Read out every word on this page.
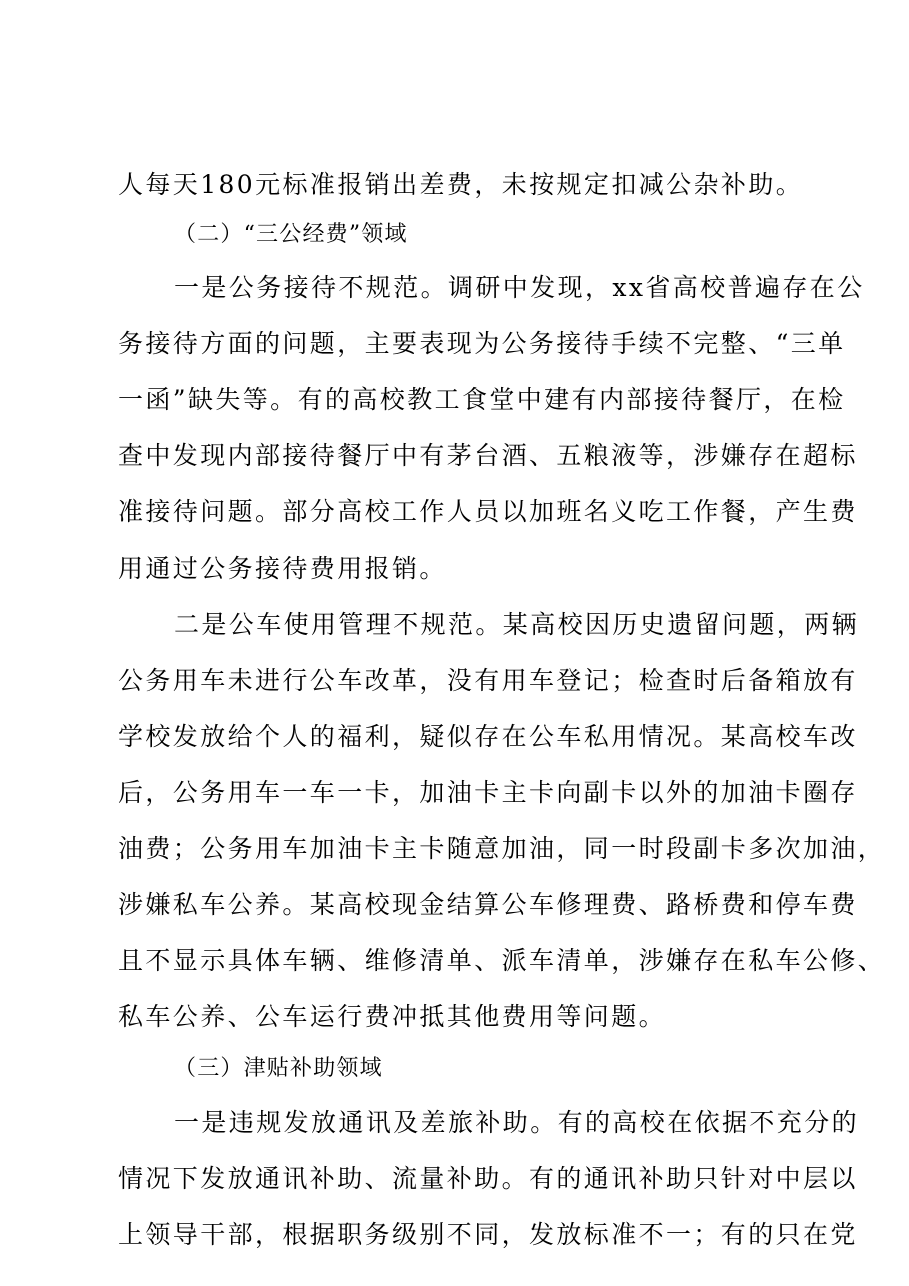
人每天180元标准报销出差费，未按规定扣减公杂补助。
（二）“三公经费”领域
一是公务接待不规范。调研中发现，xx省高校普遍存在公
务接待方面的问题，主要表现为公务接待手续不完整、“三单
一函”缺失等。有的高校教工食堂中建有内部接待餐厅，在检
查中发现内部接待餐厅中有茅台酒、五粮液等，涉嫌存在超标
准接待问题。部分高校工作人员以加班名义吃工作餐，产生费
用通过公务接待费用报销。
二是公车使用管理不规范。某高校因历史遗留问题，两辆
公务用车未进行公车改革，没有用车登记；检查时后备箱放有
学校发放给个人的福利，疑似存在公车私用情况。某高校车改
后，公务用车一车一卡，加油卡主卡向副卡以外的加油卡圈存
油费；公务用车加油卡主卡随意加油，同一时段副卡多次加油，
涉嫌私车公养。某高校现金结算公车修理费、路桥费和停车费
且不显示具体车辆、维修清单、派车清单，涉嫌存在私车公修、
私车公养、公车运行费冲抵其他费用等问题。
（三）津贴补助领域
一是违规发放通讯及差旅补助。有的高校在依据不充分的
情况下发放通讯补助、流量补助。有的通讯补助只针对中层以
上领导干部，根据职务级别不同，发放标准不一；有的只在党
